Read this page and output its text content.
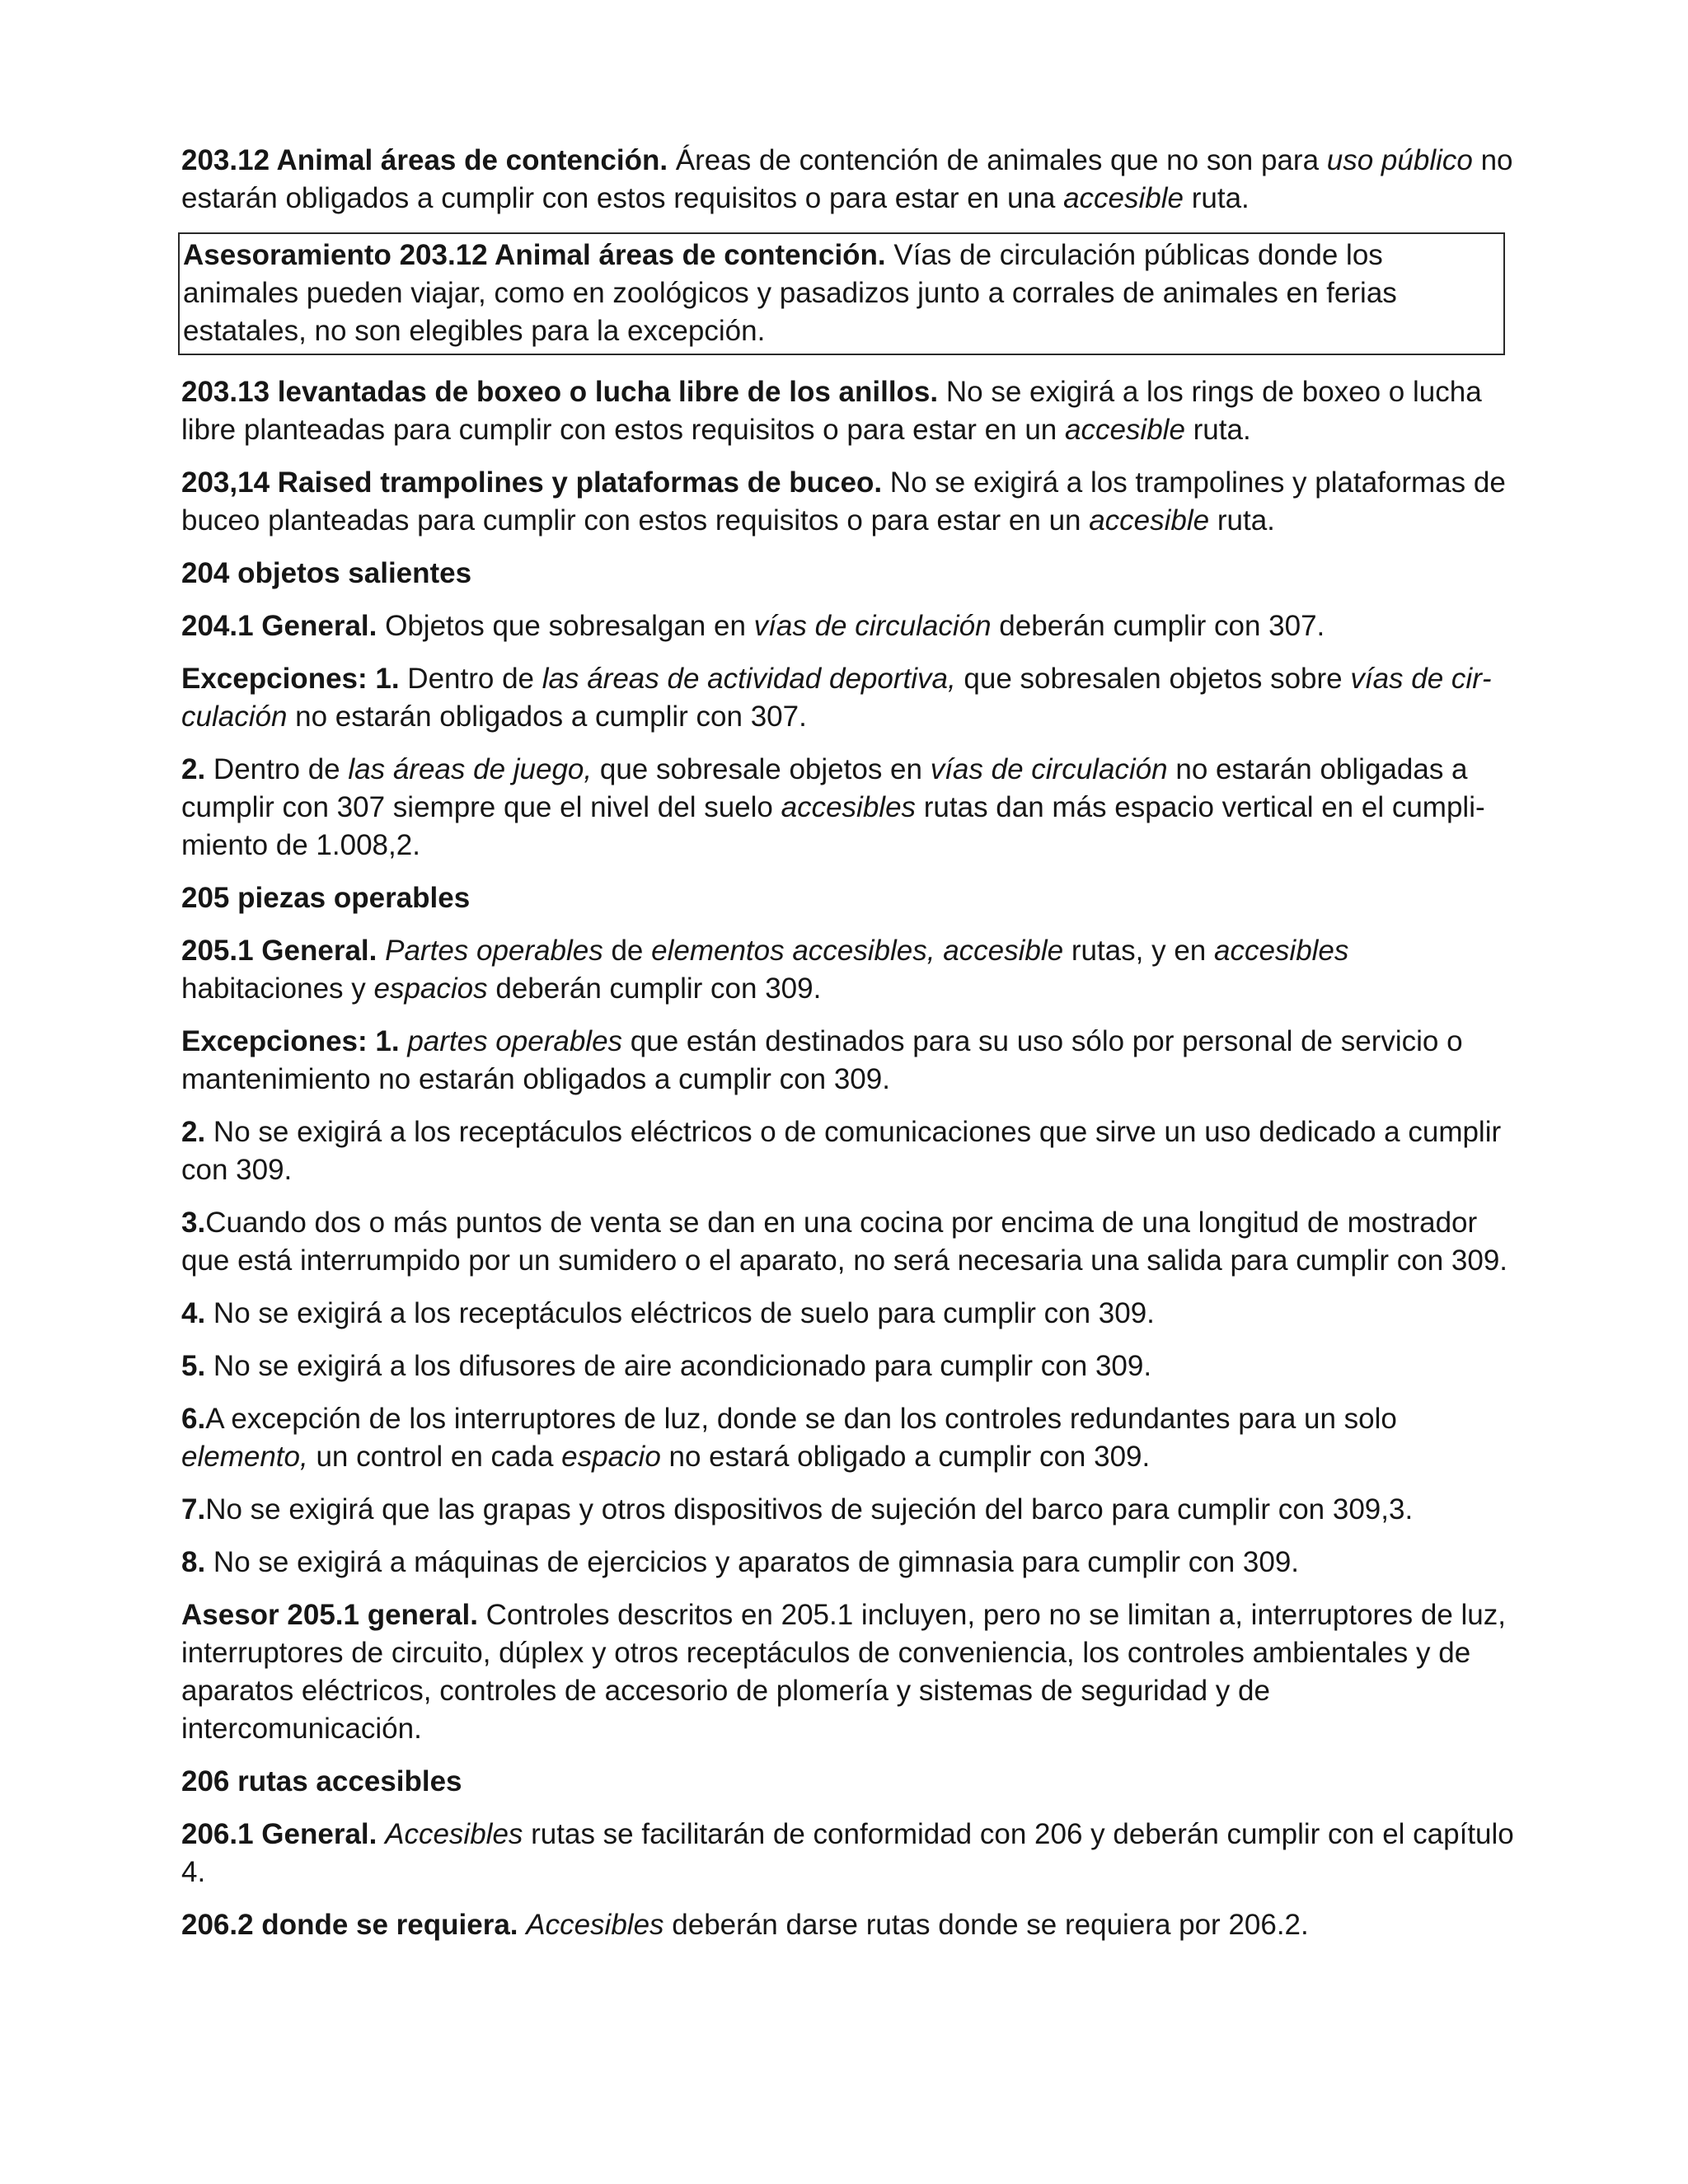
203.12 Animal áreas de contención. Áreas de contención de animales que no son para uso público no estarán obligados a cumplir con estos requisitos o para estar en una accesible ruta.

Asesoramiento 203.12 Animal áreas de contención. Vías de circulación públicas donde los animales pueden viajar, como en zoológicos y pasadizos junto a corrales de animales en ferias estatales, no son elegibles para la excepción.

203.13 levantadas de boxeo o lucha libre de los anillos. No se exigirá a los rings de boxeo o lucha libre planteadas para cumplir con estos requisitos o para estar en un accesible ruta.

203,14 Raised trampolines y plataformas de buceo. No se exigirá a los trampolines y plataformas de buceo planteadas para cumplir con estos requisitos o para estar en un accesible ruta.

204 objetos salientes

204.1 General. Objetos que sobresalgan en vías de circulación deberán cumplir con 307.

Excepciones: 1. Dentro de las áreas de actividad deportiva, que sobresalen objetos sobre vías de circulación no estarán obligados a cumplir con 307.

2. Dentro de las áreas de juego, que sobresale objetos en vías de circulación no estarán obligadas a cumplir con 307 siempre que el nivel del suelo accesibles rutas dan más espacio vertical en el cumplimiento de 1.008,2.

205 piezas operables

205.1 General. Partes operables de elementos accesibles, accesible rutas, y en accesibles habitaciones y espacios deberán cumplir con 309.

Excepciones: 1. partes operables que están destinados para su uso sólo por personal de servicio o mantenimiento no estarán obligados a cumplir con 309.

2. No se exigirá a los receptáculos eléctricos o de comunicaciones que sirve un uso dedicado a cumplir con 309.

3.Cuando dos o más puntos de venta se dan en una cocina por encima de una longitud de mostrador que está interrumpido por un sumidero o el aparato, no será necesaria una salida para cumplir con 309.

4. No se exigirá a los receptáculos eléctricos de suelo para cumplir con 309.

5. No se exigirá a los difusores de aire acondicionado para cumplir con 309.

6.A excepción de los interruptores de luz, donde se dan los controles redundantes para un solo elemento, un control en cada espacio no estará obligado a cumplir con 309.

7.No se exigirá que las grapas y otros dispositivos de sujeción del barco para cumplir con 309,3.

8. No se exigirá a máquinas de ejercicios y aparatos de gimnasia para cumplir con 309.

Asesor 205.1 general. Controles descritos en 205.1 incluyen, pero no se limitan a, interruptores de luz, interruptores de circuito, dúplex y otros receptáculos de conveniencia, los controles ambientales y de aparatos eléctricos, controles de accesorio de plomería y sistemas de seguridad y de intercomunicación.

206 rutas accesibles

206.1 General. Accesibles rutas se facilitarán de conformidad con 206 y deberán cumplir con el capítulo 4.

206.2 donde se requiera. Accesibles deberán darse rutas donde se requiera por 206.2.
